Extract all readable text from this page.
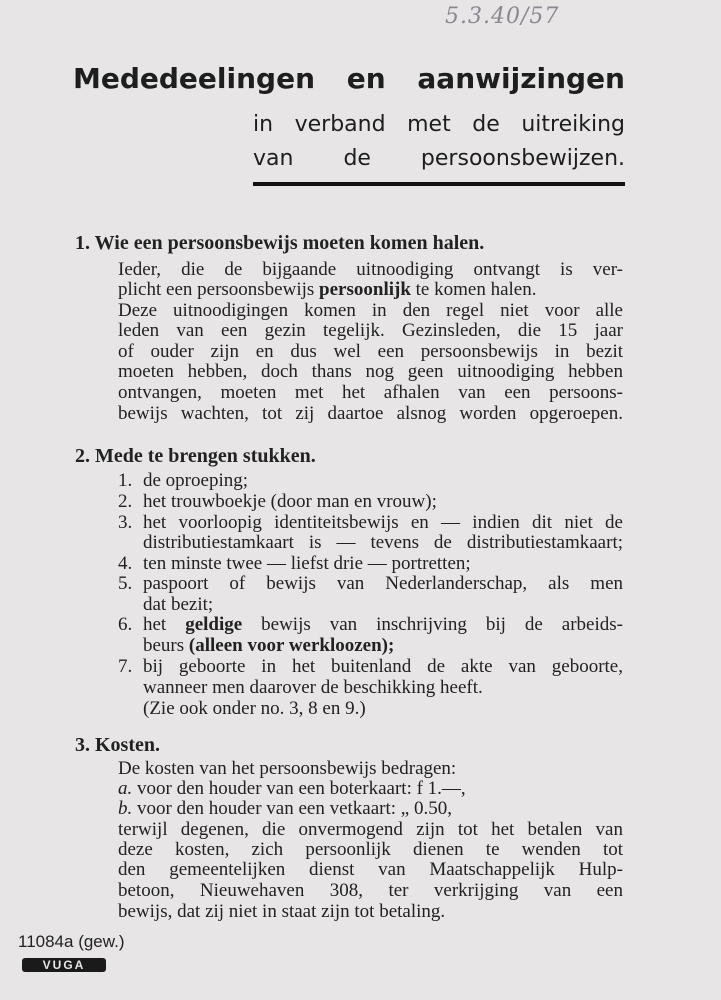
5.3.40/57
Mededeelingen en aanwijzingen
in verband met de uitreiking
van de persoonsbewijzen.
1. Wie een persoonsbewijs moeten komen halen.
Ieder, die de bijgaande uitnoodiging ontvangt is ver-
plicht een persoonsbewijs persoonlijk te komen halen.
Deze uitnoodigingen komen in den regel niet voor alle
leden van een gezin tegelijk. Gezinsleden, die 15 jaar
of ouder zijn en dus wel een persoonsbewijs in bezit
moeten hebben, doch thans nog geen uitnoodiging hebben
ontvangen, moeten met het afhalen van een persoons-
bewijs wachten, tot zij daartoe alsnog worden opgeroepen.
2. Mede te brengen stukken.
1. de oproeping;
2. het trouwboekje (door man en vrouw);
3. het voorloopig identiteitsbewijs en — indien dit niet de
distributiestamkaart is — tevens de distributiestamkaart;
4. ten minste twee — liefst drie — portretten;
5. paspoort of bewijs van Nederlanderschap, als men
dat bezit;
6. het geldige bewijs van inschrijving bij de arbeids-
beurs (alleen voor werkloozen);
7. bij geboorte in het buitenland de akte van geboorte,
wanneer men daarover de beschikking heeft.
(Zie ook onder no. 3, 8 en 9.)
3. Kosten.
De kosten van het persoonsbewijs bedragen:
a. voor den houder van een boterkaart: f 1.—,
b. voor den houder van een vetkaart: „ 0.50,
terwijl degenen, die onvermogend zijn tot het betalen van
deze kosten, zich persoonlijk dienen te wenden tot
den gemeentelijken dienst van Maatschappelijk Hulp-
betoon, Nieuwehaven 308, ter verkrijging van een
bewijs, dat zij niet in staat zijn tot betaling.
11084a (gew.)
VUGA
